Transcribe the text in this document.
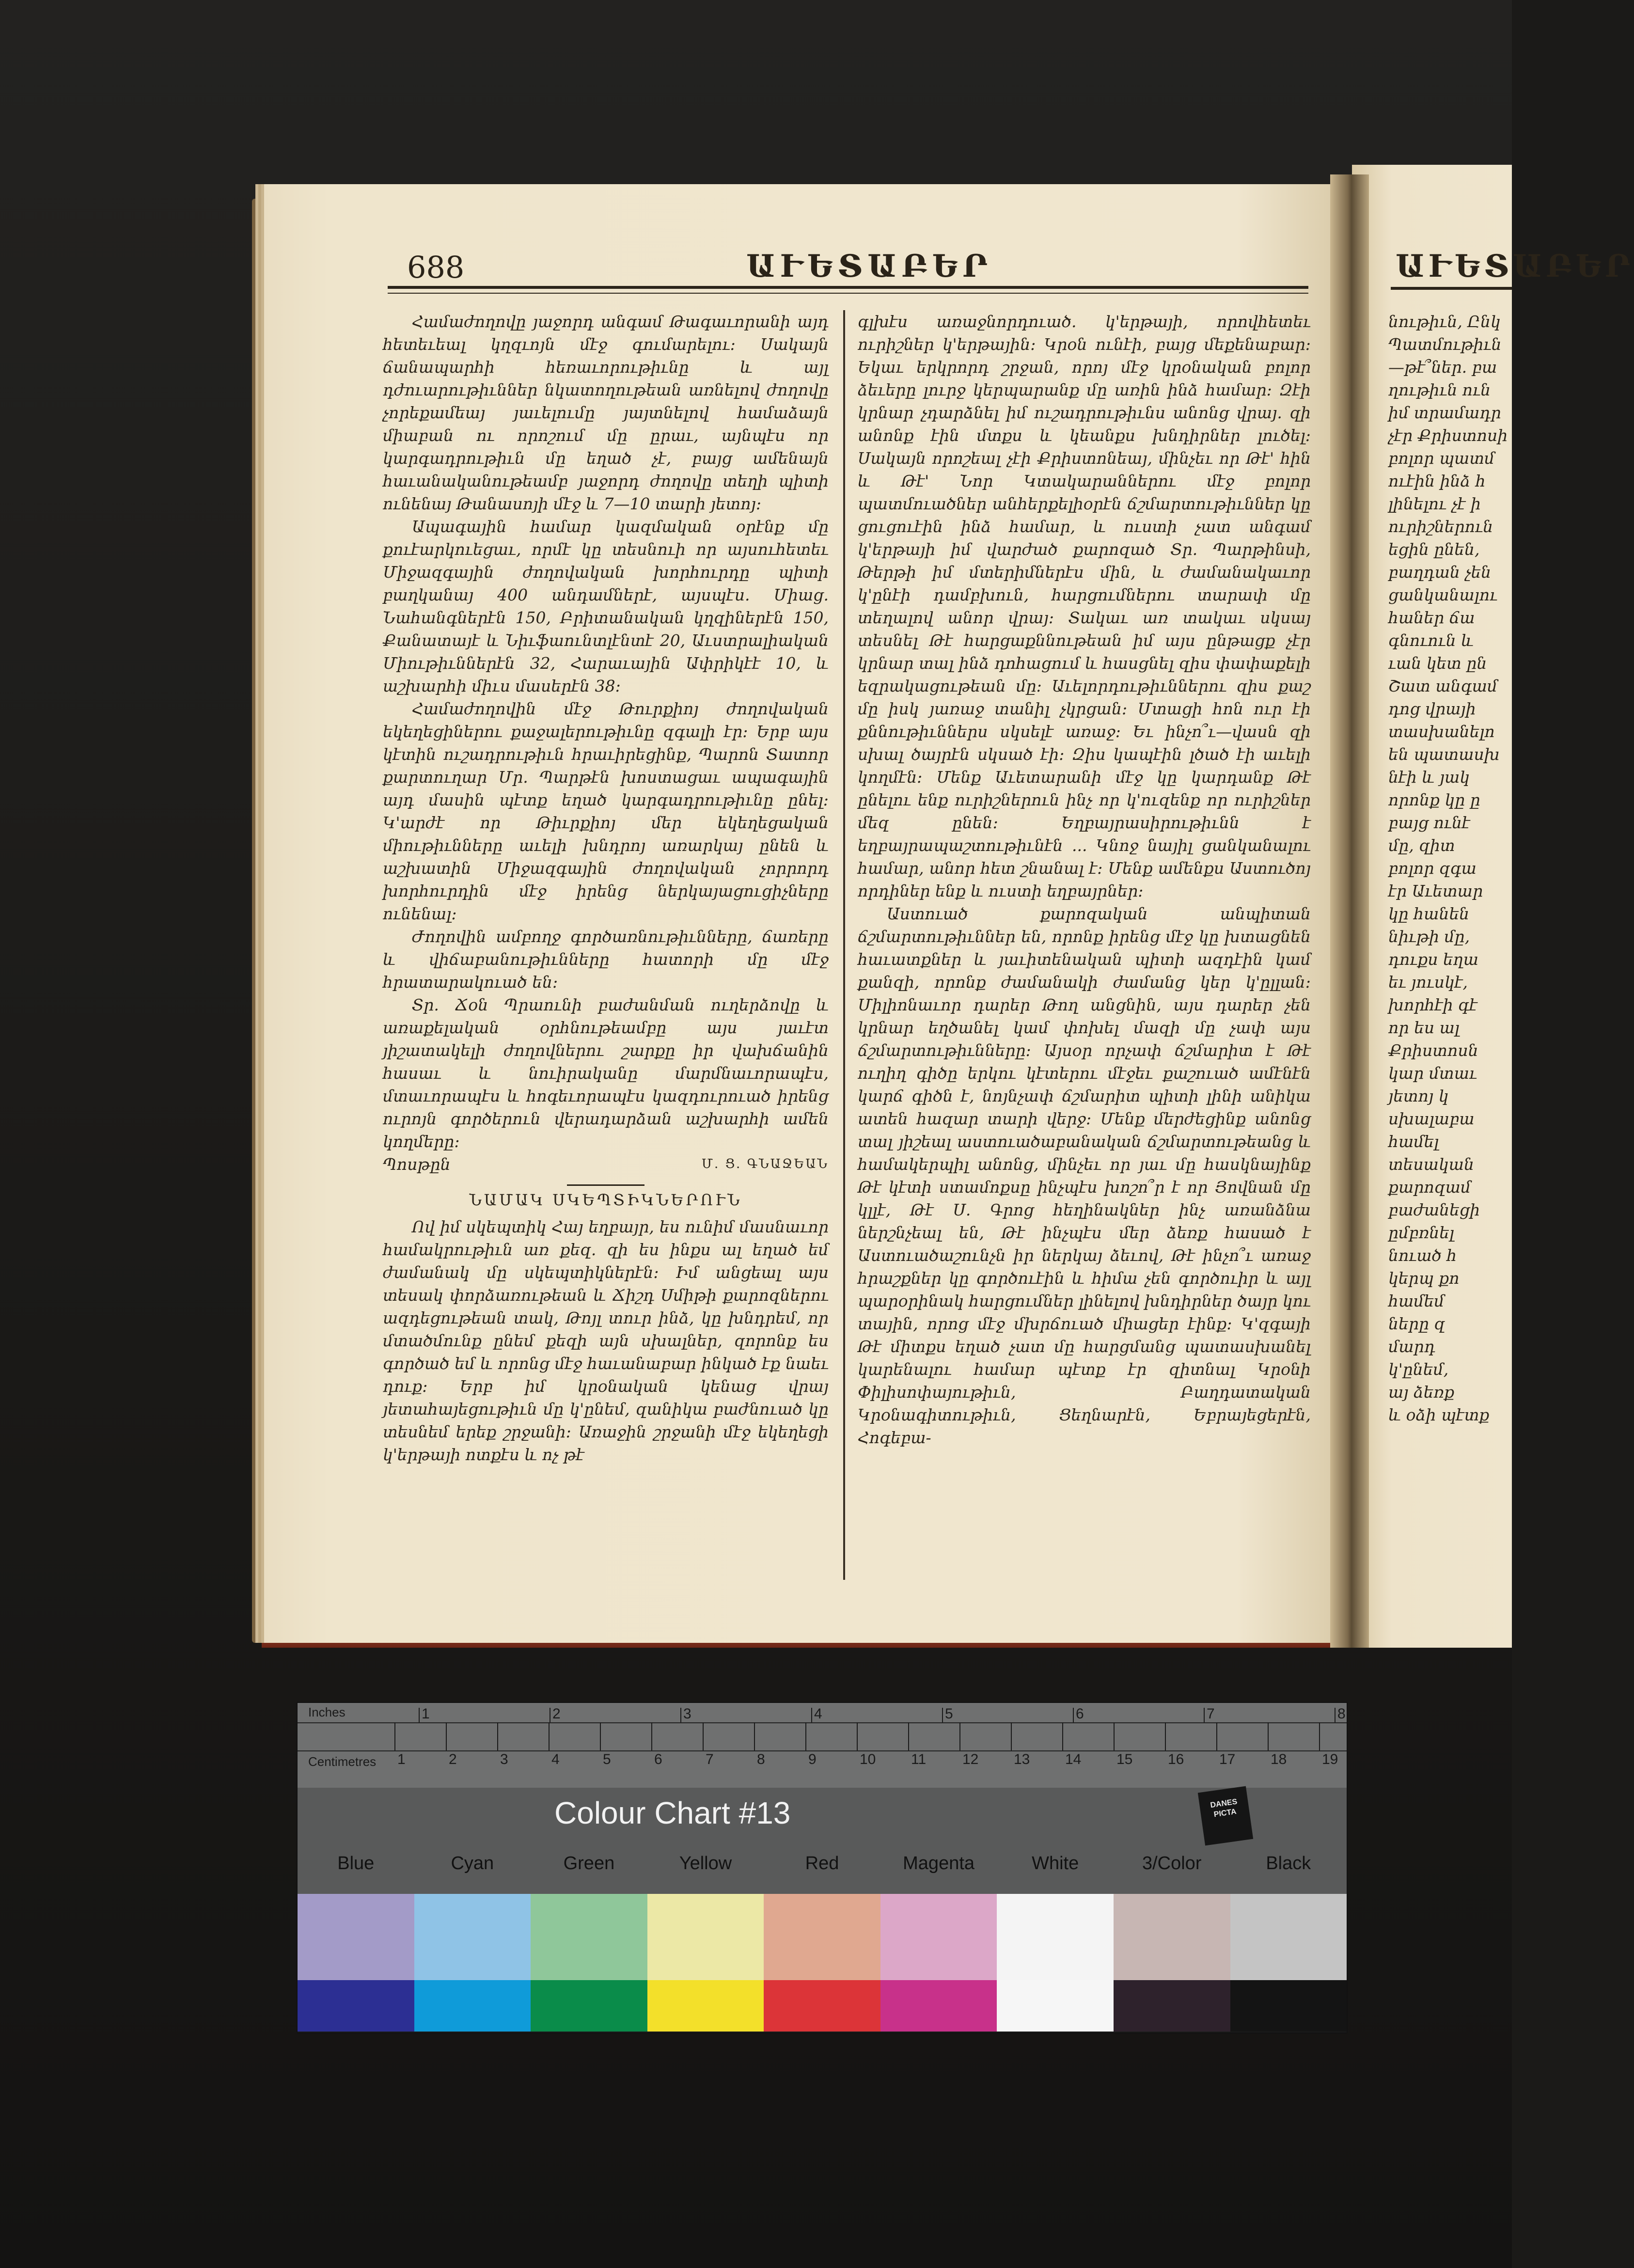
688	ԱՒԵՏԱԲԵՐ	ԱՒԵՏԱԲԵՐ

Համաժողովը յաջորդ անգամ Թագաւորանի այդ հետեւեալ կղզւոյն մէջ գումարելու։ Սակայն ճանապարհի հեռաւորութիւնը և այլ դժուարութիւններ նկատողութեան առնելով ժողովը չորեքամեայ յաւելումը յայտնելով համաձայն միաբան ու որոշում մը ըրաւ, այնպէս որ կարգադրութիւն մը եղած չէ, բայց ամենայն հաւանականութեամբ յաջորդ ժողովը տեղի պիտի ունենայ Թանասոյի մէջ և 7—10 տարի յետոյ։

Ապագային համար կազմական օրէնք մը քուէարկուեցաւ, որմէ կը տեսնուի որ այսուհետեւ Միջազգային ժողովական խորհուրդը պիտի բաղկանայ 400 անդամներէ, այսպէս. Միաց. Նահանգներէն 150, Բրիտանական կղզիներէն 150, Քանատայէ և Նիւֆաունտլէնտէ 20, Աւստրալիական Միութիւններէն 32, Հարաւային Ափրիկէէ 10, և աշխարհի միւս մասերէն 38։

Համաժողովին մէջ Թուրքիոյ ժողովական եկեղեցիներու քաջալերութիւնը զգալի էր։ Երբ այս կէտին ուշադրութիւն հրաւիրեցինք, Պարոն Տատոր քարտուղար Մր. Պարթէն խոստացաւ ապագային այդ մասին պէտք եղած կարգադրութիւնը ընել։ Կ'արժէ որ Թիւրքիոյ մեր եկեղեցական միութիւնները աւելի խնդրոյ առարկայ ընեն և աշխատին Միջազգային ժողովական չորրորդ խորհուրդին մէջ իրենց ներկայացուցիչները ունենալ։

Ժողովին ամբողջ գործառնութիւնները, ճառերը և վիճաբանութիւնները հատորի մը մէջ հրատարակուած են։

Տր. Ճօն Պրաունի բաժանման ուղերձովը և առաքելական օրհնութեամբը այս յաւէտ յիշատակելի ժողովներու շարքը իր վախճանին հասաւ և նուիրականը մարմնաւորապէս, մտաւորապէս և հոգեւորապէս կազդուրուած իրենց ուրոյն գործերուն վերադարձան աշխարհի ամեն կողմերը։

Պոսթըն	Մ. Ց. ԳՆԱՋԵԱՆ
ՆԱՄԱԿ ՍԿԵՊՏԻԿՆԵՐՈՒՆ

Ով իմ սկեպտիկ Հայ եղբայր, ես ունիմ մասնաւոր համակրութիւն առ քեզ. զի ես ինքս ալ եղած եմ ժամանակ մը սկեպտիկներէն։ Իմ անցեալ այս տեսակ փորձառութեան և Ճիշդ Սմիթի քարոզներու ազդեցութեան տակ, Թոյլ տուր ինձ, կը խնդրեմ, որ մտածմունք ընեմ քեզի այն սխալներ, զորոնք ես գործած եմ և որոնց մէջ հաւանաբար ինկած էք նաեւ դուք։ Երբ իմ կրօնական կենաց վրայ յետահայեցութիւն մը կ'ընեմ, զանիկա բաժնուած կը տեսնեմ երեք շրջանի։ Առաջին շրջանի մէջ եկեղեցի կ'երթայի ոտքէս և ոչ թէ

գլխէս առաջնորդուած. կ'երթայի, որովհետեւ ուրիշներ կ'երթային։ Կրօն ունէի, բայց մեքենաբար։ Եկաւ երկրորդ շրջան, որոյ մէջ կրօնական բոլոր ձեւերը լուրջ կերպարանք մը առին ինձ համար։ Զէի կրնար չդարձնել իմ ուշադրութիւնս անոնց վրայ. զի անոնք էին մտքս և կեանքս խնդիրներ լուծել։ Սակայն որոշեալ չէի Քրիստոնեայ, մինչեւ որ Թէ' հին և Թէ' Նոր Կտակարաններու մէջ բոլոր պատմուածներ անհերքելիօրէն ճշմարտութիւններ կը ցուցուէին ինձ համար, և ուստի չատ անգամ կ'երթայի իմ վարժած քարոզած Տր. Պարթինսի, Թերթի իմ մտերիմներէս մին, և ժամանակաւոր կ'ընէի դամբխուն, հարցումներու տարափ մը տեղալով անոր վրայ։ Տակաւ առ տակաւ սկսայ տեսնել Թէ հարցաքննութեան իմ այս ընթացք չէր կրնար տալ ինձ դոհացում և հասցնել զիս փափաքելի եզրակացութեան մը։ Աւելորդութիւններու զիս քաշ մը իսկ յառաջ տանիլ չկրցան։ Մտացի հոն ուր էի քննութիւններս սկսելէ առաջ։ Եւ ինչո՞ւ—վասն զի սխալ ծայրէն սկսած էի։ Զիս կապէին լծած էի աւելի կողմէն։ Մենք Աւետարանի մէջ կը կարդանք Թէ ընելու ենք ուրիշներուն ինչ որ կ'ուզենք որ ուրիշներ մեզ ընեն։ Եղբայրասիրութիւնն է եղբայրապաշտութիւնէն ... Կնոջ նայիլ ցանկանալու համար, անոր հետ շնանալ է։ Մենք ամենքս Աստուծոյ որդիներ ենք և ուստի եղբայրներ։

Աստուած քարոզական անպիտան ճշմարտութիւններ են, որոնք իրենց մէջ կը խտացնեն հաւատքներ և յաւիտենական պիտի ազդէին կամ քանզի, որոնք ժամանակի ժամանց կեր կ'ըլլան։ Միլիոնաւոր դարեր Թող անցնին, այս դարեր չեն կրնար եղծանել կամ փոխել մազի մը չափ այս ճշմարտութիւնները։ Այսօր որչափ ճշմարիտ է Թէ ուղիղ գիծը երկու կէտերու մէջեւ քաշուած ամէնէն կարճ գիծն է, նոյնչափ ճշմարիտ պիտի լինի անիկա ատեն հազար տարի վերջ։ Մենք մերժեցինք անոնց տալ յիշեալ աստուածաբանական ճշմարտութեանց և համակերպիլ անոնց, մինչեւ որ յաւ մը հասկնայինք Թէ կէտի ստամոքսը ինչպէս խոշո՞ր է որ Յովնան մը կլլէ, Թէ Ս. Գրոց հեղինակներ ինչ առանձնա ներշնչեալ են, Թէ ինչպէս մեր ձեռք հասած է Աստուածաշունչն իր ներկայ ձեւով, Թէ ինչո՞ւ առաջ հրաշքներ կը գործուէին և հիմա չեն գործուիր և այլ պարօրինակ հարցումներ լինելով խնդիրներ ծայր կու տային, որոց մէջ մխրճուած միացեր էինք։ Կ'զգայի Թէ միտքս եղած չատ մը հարցմանց պատասխանել կարենալու համար պէտք էր զիտնալ Կրօնի Փիլիսոփայութիւն, Բաղդատական Կրօնագիտութիւն, Ցեղնարէն, Եբրայեցերէն, Հոգեբա-

նութիւն, Ընկ
Պատմութիւն
—թէ՞ներ. բա
ղութիւն ուն
իմ տրամադր
չէր Քրիստոսի
բոլոր պատմ
ուէին ինձ հ
լինելու չէ ի
ուրիշներուն
եցին ընեն,
բաղդան չեն
ցանկանալու
հաներ ճա
գնուուն և
ւան կետ ըն
Շատ անգամ
դոց վրայի
տասխանելո
են պատասխ
նէի և յակ
որոնք կը ը
բայց ունէ
մը, զիտ
բոլոր զգա
էր Աւետար
կը հանեն
նիւթի մը,
դուքս եղա
եւ յուսկէ,
խորհէի գէ
որ ես ալ
Քրիստոսն
կար մտաւ
յետոյ կ
սխալաբա
համել
տեսական
քարոզամ
բաժանեցի
ըմբռնել
նուած հ
կերպ քո
համեմ
ները զ
մարդ
կ'ընեմ,
այ ձեռք
և օձի պէտք
Inches
Centimetres
1	2	3	4	5	6	7	8
1	2	3	4	5	6	7	8	9	10 11 12 13 14 15 16 17 18 19
Colour Chart #13	DANES PICTA
Blue	Cyan	Green	Yellow	Red	Magenta	White	3/Color	Black
